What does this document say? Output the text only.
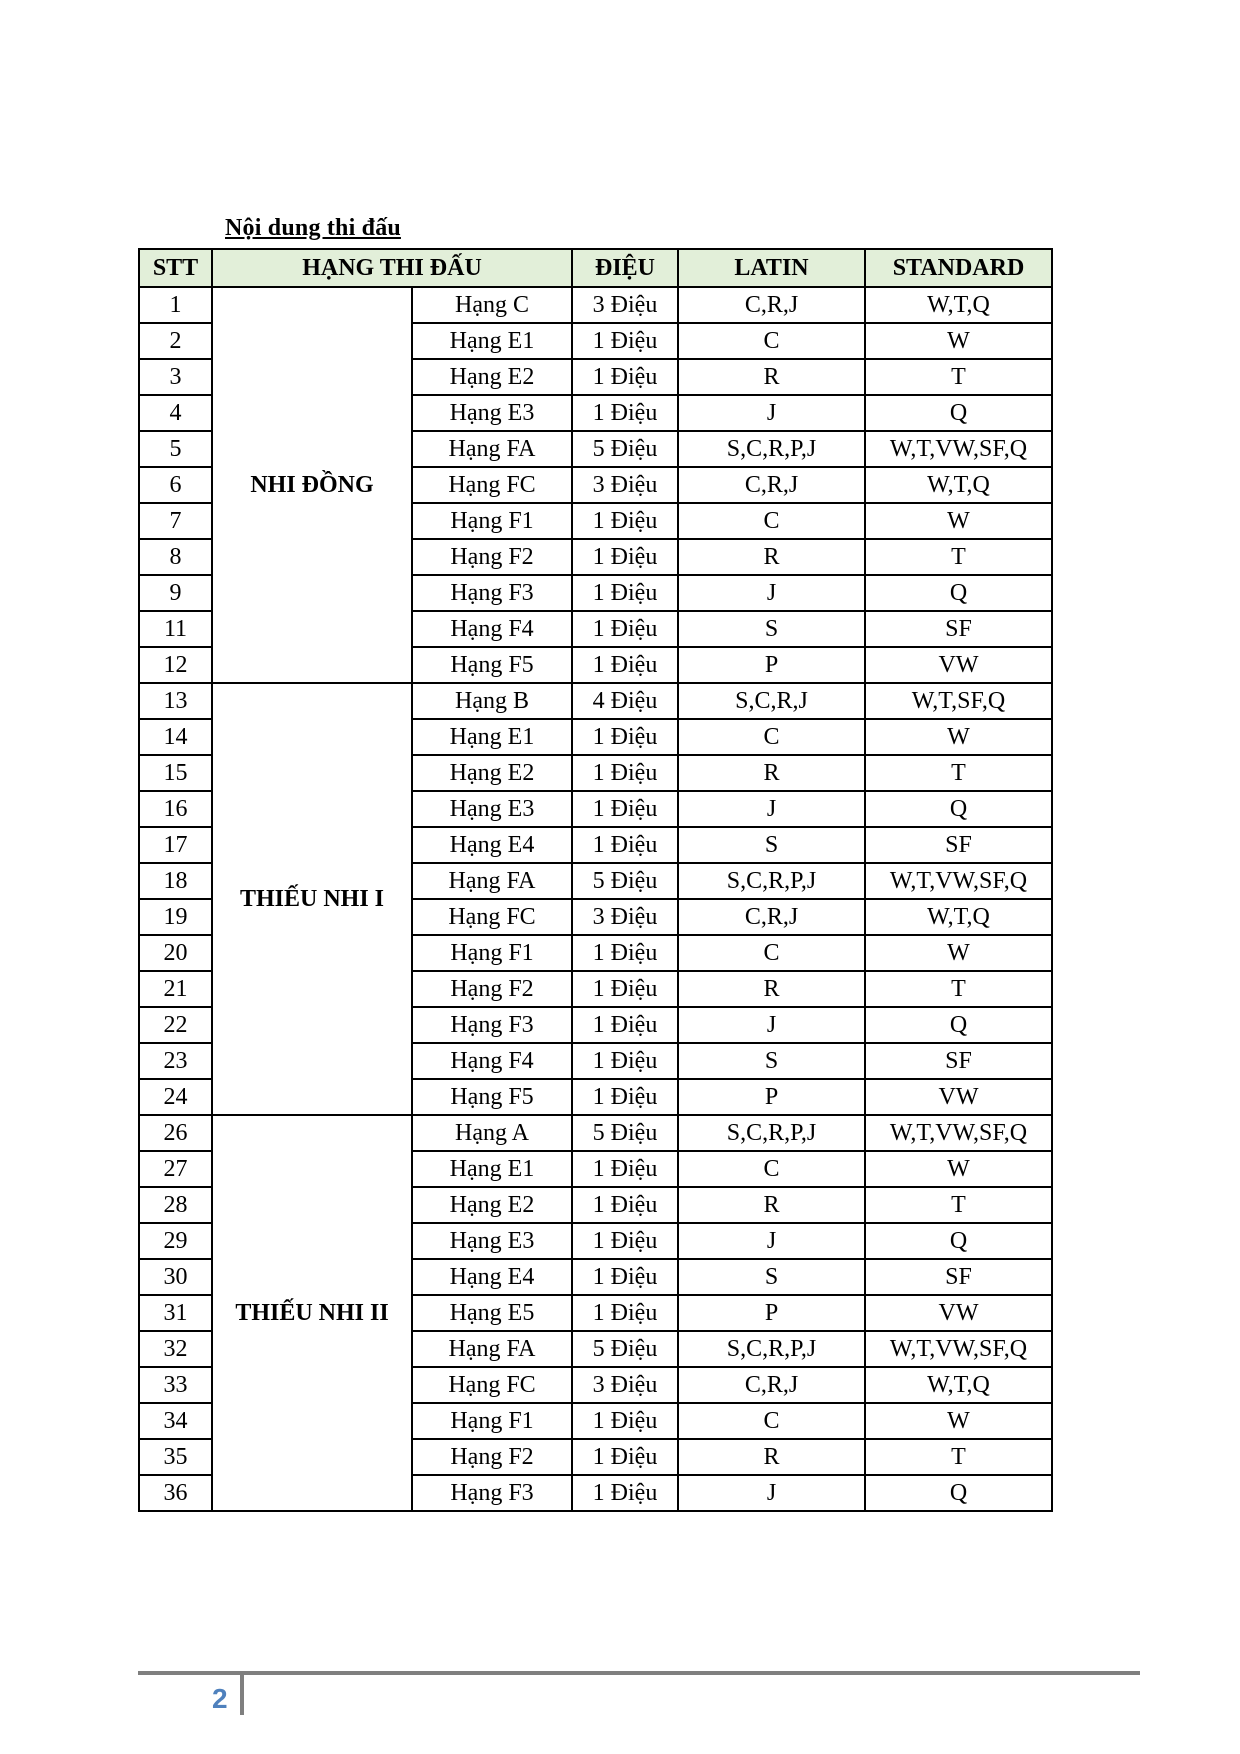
Nội dung thi đấu
STT	HẠNG THI ĐẤU		ĐIỆU	LATIN	STANDARD
1	NHI ĐỒNG	Hạng C	3 Điệu	C,R,J	W,T,Q
2		Hạng E1	1 Điệu	C	W
3		Hạng E2	1 Điệu	R	T
4		Hạng E3	1 Điệu	J	Q
5		Hạng FA	5 Điệu	S,C,R,P,J	W,T,VW,SF,Q
6		Hạng FC	3 Điệu	C,R,J	W,T,Q
7		Hạng F1	1 Điệu	C	W
8		Hạng F2	1 Điệu	R	T
9		Hạng F3	1 Điệu	J	Q
11		Hạng F4	1 Điệu	S	SF
12		Hạng F5	1 Điệu	P	VW
13	THIẾU NHI I	Hạng B	4 Điệu	S,C,R,J	W,T,SF,Q
14		Hạng E1	1 Điệu	C	W
15		Hạng E2	1 Điệu	R	T
16		Hạng E3	1 Điệu	J	Q
17		Hạng E4	1 Điệu	S	SF
18		Hạng FA	5 Điệu	S,C,R,P,J	W,T,VW,SF,Q
19		Hạng FC	3 Điệu	C,R,J	W,T,Q
20		Hạng F1	1 Điệu	C	W
21		Hạng F2	1 Điệu	R	T
22		Hạng F3	1 Điệu	J	Q
23		Hạng F4	1 Điệu	S	SF
24		Hạng F5	1 Điệu	P	VW
26	THIẾU NHI II	Hạng A	5 Điệu	S,C,R,P,J	W,T,VW,SF,Q
27		Hạng E1	1 Điệu	C	W
28		Hạng E2	1 Điệu	R	T
29		Hạng E3	1 Điệu	J	Q
30		Hạng E4	1 Điệu	S	SF
31		Hạng E5	1 Điệu	P	VW
32		Hạng FA	5 Điệu	S,C,R,P,J	W,T,VW,SF,Q
33		Hạng FC	3 Điệu	C,R,J	W,T,Q
34		Hạng F1	1 Điệu	C	W
35		Hạng F2	1 Điệu	R	T
36		Hạng F3	1 Điệu	J	Q
2
